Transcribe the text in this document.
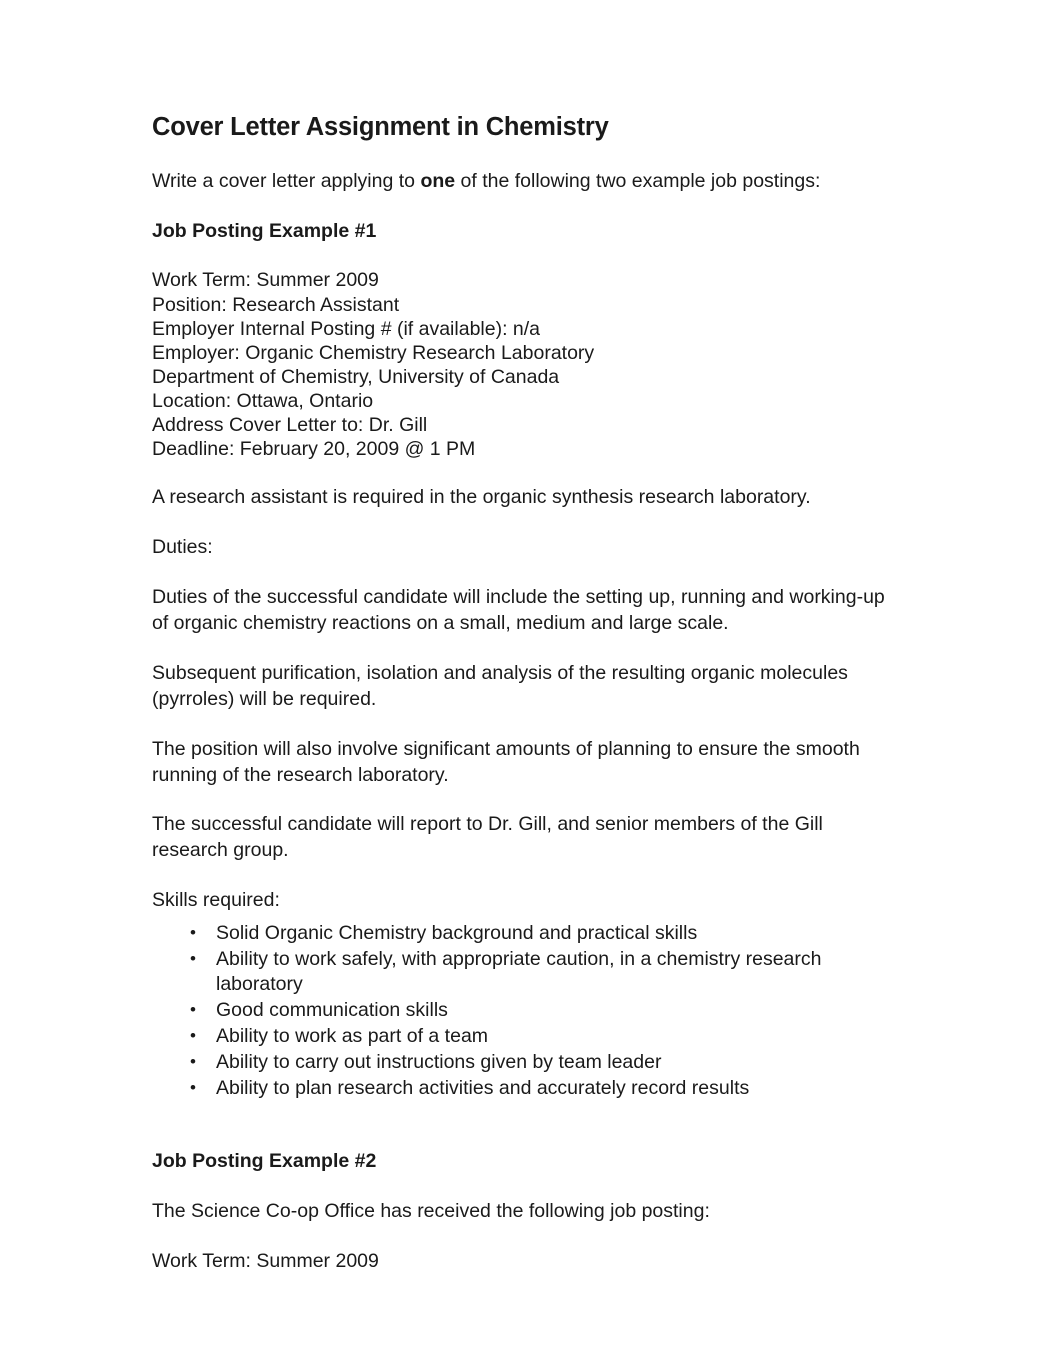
Cover Letter Assignment in Chemistry

Write a cover letter applying to one of the following two example job postings:

Job Posting Example #1
Work Term: Summer 2009
Position: Research Assistant
Employer Internal Posting # (if available): n/a
Employer: Organic Chemistry Research Laboratory
Department of Chemistry, University of Canada
Location: Ottawa, Ontario
Address Cover Letter to: Dr. Gill
Deadline: February 20, 2009 @ 1 PM

A research assistant is required in the organic synthesis research laboratory.

Duties:

Duties of the successful candidate will include the setting up, running and working-up of organic chemistry reactions on a small, medium and large scale.

Subsequent purification, isolation and analysis of the resulting organic molecules (pyrroles) will be required.

The position will also involve significant amounts of planning to ensure the smooth running of the research laboratory.

The successful candidate will report to Dr. Gill, and senior members of the Gill research group.

Skills required:

• Solid Organic Chemistry background and practical skills
• Ability to work safely, with appropriate caution, in a chemistry research laboratory
• Good communication skills
• Ability to work as part of a team
• Ability to carry out instructions given by team leader
• Ability to plan research activities and accurately record results
Job Posting Example #2

The Science Co-op Office has received the following job posting:

Work Term: Summer 2009
